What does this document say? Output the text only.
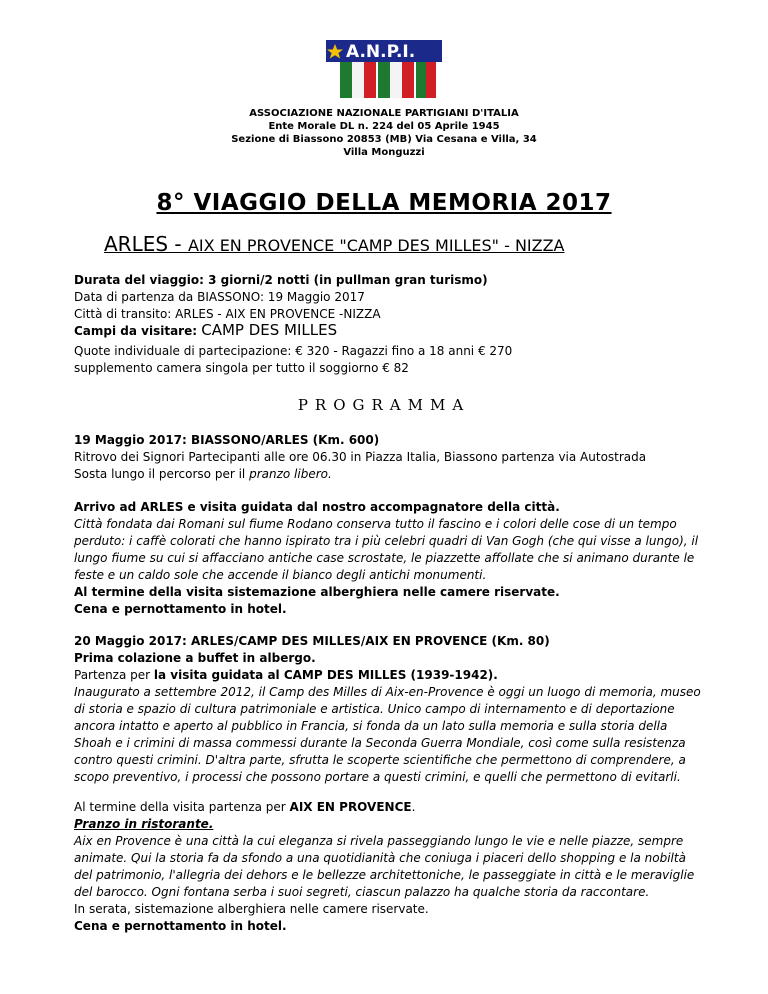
A.N.P.I.
ASSOCIAZIONE NAZIONALE PARTIGIANI D'ITALIA
Ente Morale DL n. 224 del 05 Aprile 1945
Sezione di Biassono 20853 (MB) Via Cesana e Villa, 34
Villa Monguzzi
8° VIAGGIO DELLA MEMORIA 2017
ARLES - AIX EN PROVENCE "CAMP DES MILLES" - NIZZA
Durata del viaggio: 3 giorni/2 notti (in pullman gran turismo)
Data di partenza da BIASSONO: 19 Maggio 2017
Città di transito: ARLES - AIX EN PROVENCE -NIZZA
Campi da visitare: CAMP DES MILLES
Quote individuale di partecipazione: € 320 - Ragazzi fino a 18 anni € 270
supplemento camera singola per tutto il soggiorno € 82
PROGRAMMA
19 Maggio 2017: BIASSONO/ARLES (Km. 600)
Ritrovo dei Signori Partecipanti alle ore 06.30 in Piazza Italia, Biassono partenza via Autostrada
Sosta lungo il percorso per il pranzo libero.
Arrivo ad ARLES e visita guidata dal nostro accompagnatore della città.
Città fondata dai Romani sul fiume Rodano conserva tutto il fascino e i colori delle cose di un tempo
perduto: i caffè colorati che hanno ispirato tra i più celebri quadri di Van Gogh (che qui visse a lungo), il
lungo fiume su cui si affacciano antiche case scrostate, le piazzette affollate che si animano durante le
feste e un caldo sole che accende il bianco degli antichi monumenti.
Al termine della visita sistemazione alberghiera nelle camere riservate.
Cena e pernottamento in hotel.
20 Maggio 2017: ARLES/CAMP DES MILLES/AIX EN PROVENCE (Km. 80)
Prima colazione a buffet in albergo.
Partenza per la visita guidata al CAMP DES MILLES (1939-1942).
Inaugurato a settembre 2012, il Camp des Milles di Aix-en-Provence è oggi un luogo di memoria, museo
di storia e spazio di cultura patrimoniale e artistica. Unico campo di internamento e di deportazione
ancora intatto e aperto al pubblico in Francia, si fonda da un lato sulla memoria e sulla storia della
Shoah e i crimini di massa commessi durante la Seconda Guerra Mondiale, così come sulla resistenza
contro questi crimini. D'altra parte, sfrutta le scoperte scientifiche che permettono di comprendere, a
scopo preventivo, i processi che possono portare a questi crimini, e quelli che permettono di evitarli.
Al termine della visita partenza per AIX EN PROVENCE.
Pranzo in ristorante.
Aix en Provence è una città la cui eleganza si rivela passeggiando lungo le vie e nelle piazze, sempre
animate. Qui la storia fa da sfondo a una quotidianità che coniuga i piaceri dello shopping e la nobiltà
del patrimonio, l'allegria dei dehors e le bellezze architettoniche, le passeggiate in città e le meraviglie
del barocco. Ogni fontana serba i suoi segreti, ciascun palazzo ha qualche storia da raccontare.
In serata, sistemazione alberghiera nelle camere riservate.
Cena e pernottamento in hotel.
